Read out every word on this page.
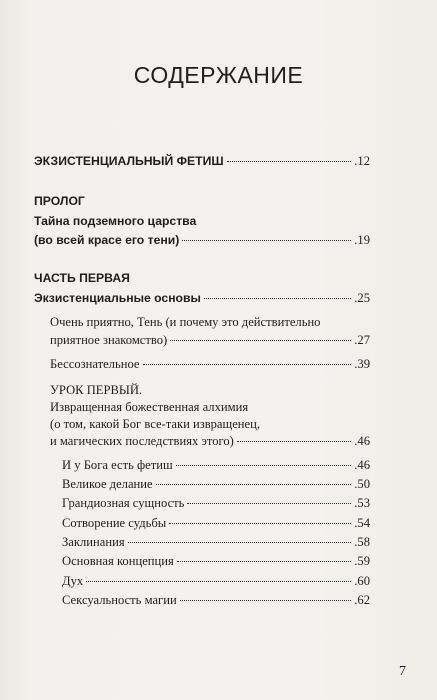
СОДЕРЖАНИЕ
ЭКЗИСТЕНЦИАЛЬНЫЙ ФЕТИШ	.12
ПРОЛОГ
Тайна подземного царства
(во всей красе его тени)	.19
ЧАСТЬ ПЕРВАЯ
Экзистенциальные основы	.25
Очень приятно, Тень (и почему это действительно
приятное знакомство)	.27
Бессознательное	.39
УРОК ПЕРВЫЙ.
Извращенная божественная алхимия
(о том, какой Бог все-таки извращенец,
и магических последствиях этого)	.46
И у Бога есть фетиш	.46
Великое делание	.50
Грандиозная сущность	.53
Сотворение судьбы	.54
Заклинания	.58
Основная концепция	.59
Дух	.60
Сексуальность магии	.62
7
